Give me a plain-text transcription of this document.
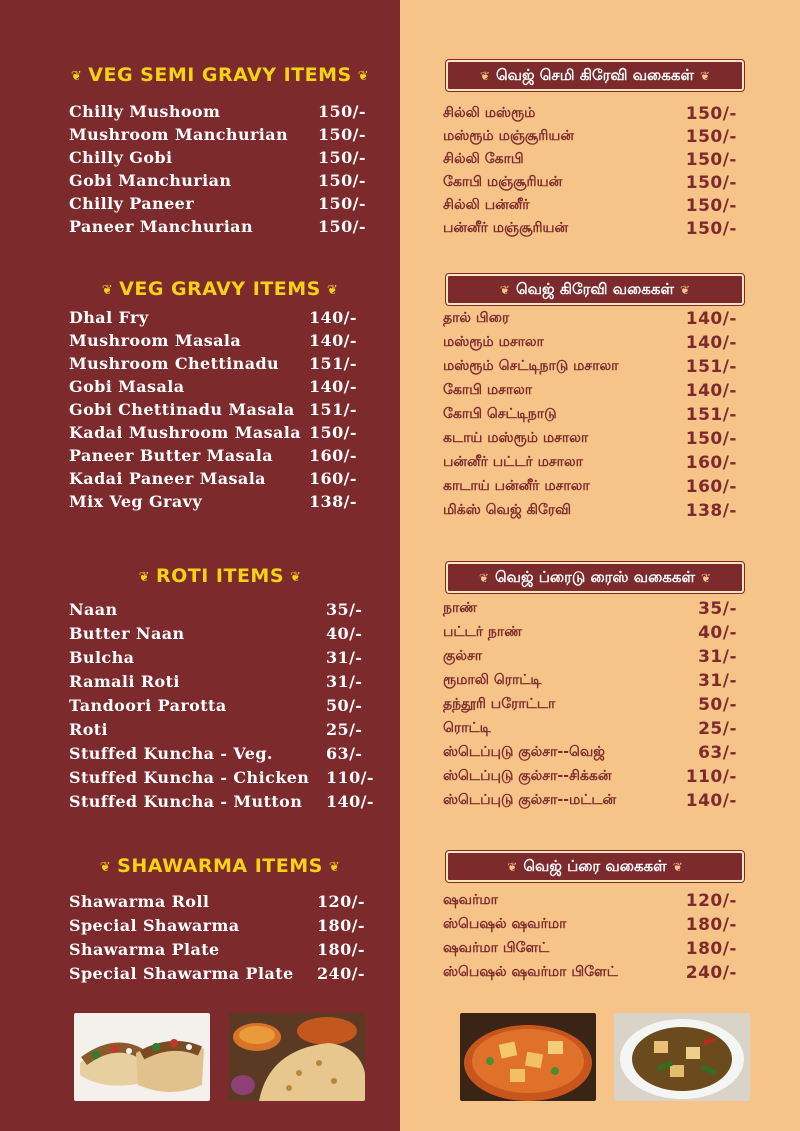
❦ VEG SEMI GRAVY ITEMS ❦
Chilly Mushoom	150/-
Mushroom Manchurian 150/-
Chilly Gobi	150/-
Gobi Manchurian	150/-
Chilly Paneer	150/-
Paneer Manchurian	150/-
❦ VEG GRAVY ITEMS ❦
Dhal Fry	140/-
Mushroom Masala	140/-
Mushroom Chettinadu 151/-
Gobi Masala	140/-
Gobi Chettinadu Masala 151/-
Kadai Mushroom Masala 150/-
Paneer Butter Masala 160/-
Kadai Paneer Masala	160/-
Mix Veg Gravy	138/-
❦ ROTI ITEMS ❦
Naan	35/-
Butter Naan	40/-
Bulcha	31/-
Ramali Roti	31/-
Tandoori Parotta	50/-
Roti	25/-
Stuffed Kuncha - Veg.	63/-
Stuffed Kuncha - Chicken 110/-
Stuffed Kuncha - Mutton 140/-
❦ SHAWARMA ITEMS ❦
Shawarma Roll	120/-
Special Shawarma	180/-
Shawarma Plate	180/-
Special Shawarma Plate 240/-
❦ வெஜ் செமி கிரேவி வகைகள் ❦
சில்லி மஸ்ரூம்	150/-
மஸ்ரூம் மஞ்சூரியன்	150/-
சில்லி கோபி	150/-
கோபி மஞ்சூரியன்	150/-
சில்லி பன்னீர்	150/-
பன்னீர் மஞ்சூரியன்	150/-
❦ வெஜ் கிரேவி வகைகள் ❦
தால் பிரை	140/-
மஸ்ரூம் மசாலா	140/-
மஸ்ரூம் செட்டிநாடு மசாலா	151/-
கோபி மசாலா	140/-
கோபி செட்டிநாடு	151/-
கடாய் மஸ்ரூம் மசாலா	150/-
பன்னீர் பட்டர் மசாலா	160/-
காடாய் பன்னீர் மசாலா	160/-
மிக்ஸ் வெஜ் கிரேவி	138/-
❦ வெஜ் ப்ரைடு ரைஸ் வகைகள் ❦
நாண்	35/-
பட்டர் நாண்	40/-
குல்சா	31/-
ரூமாலி ரொட்டி	31/-
தந்தூரி பரோட்டா	50/-
ரொட்டி	25/-
ஸ்டெப்புடு குல்சா--வெஜ்	63/-
ஸ்டெப்புடு குல்சா--சிக்கன்	110/-
ஸ்டெப்புடு குல்சா--மட்டன்	140/-
❦ வெஜ் ப்ரை வகைகள் ❦
ஷவர்மா	120/-
ஸ்பெஷல் ஷவர்மா	180/-
ஷவர்மா பிளேட்	180/-
ஸ்பெஷல் ஷவர்மா பிளேட்	240/-
